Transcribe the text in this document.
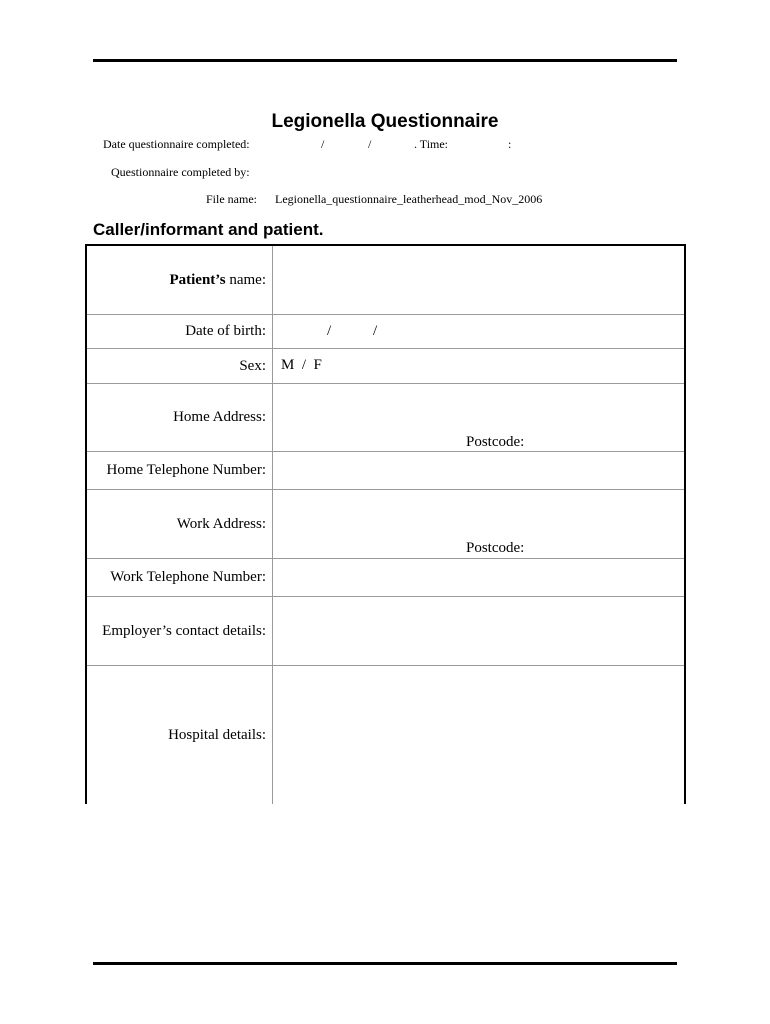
Legionella Questionnaire
Date questionnaire completed:	/	/	. Time:	:
Questionnaire completed by:
File name: Legionella_questionnaire_leatherhead_mod_Nov_2006
Caller/informant and patient.
Patient’s name:
Date of birth:	/	/
Sex:	M  /  F
Home Address:
Postcode:
Home Telephone Number:
Work Address:
Postcode:
Work Telephone Number:
Employer’s contact details:
Hospital details:
